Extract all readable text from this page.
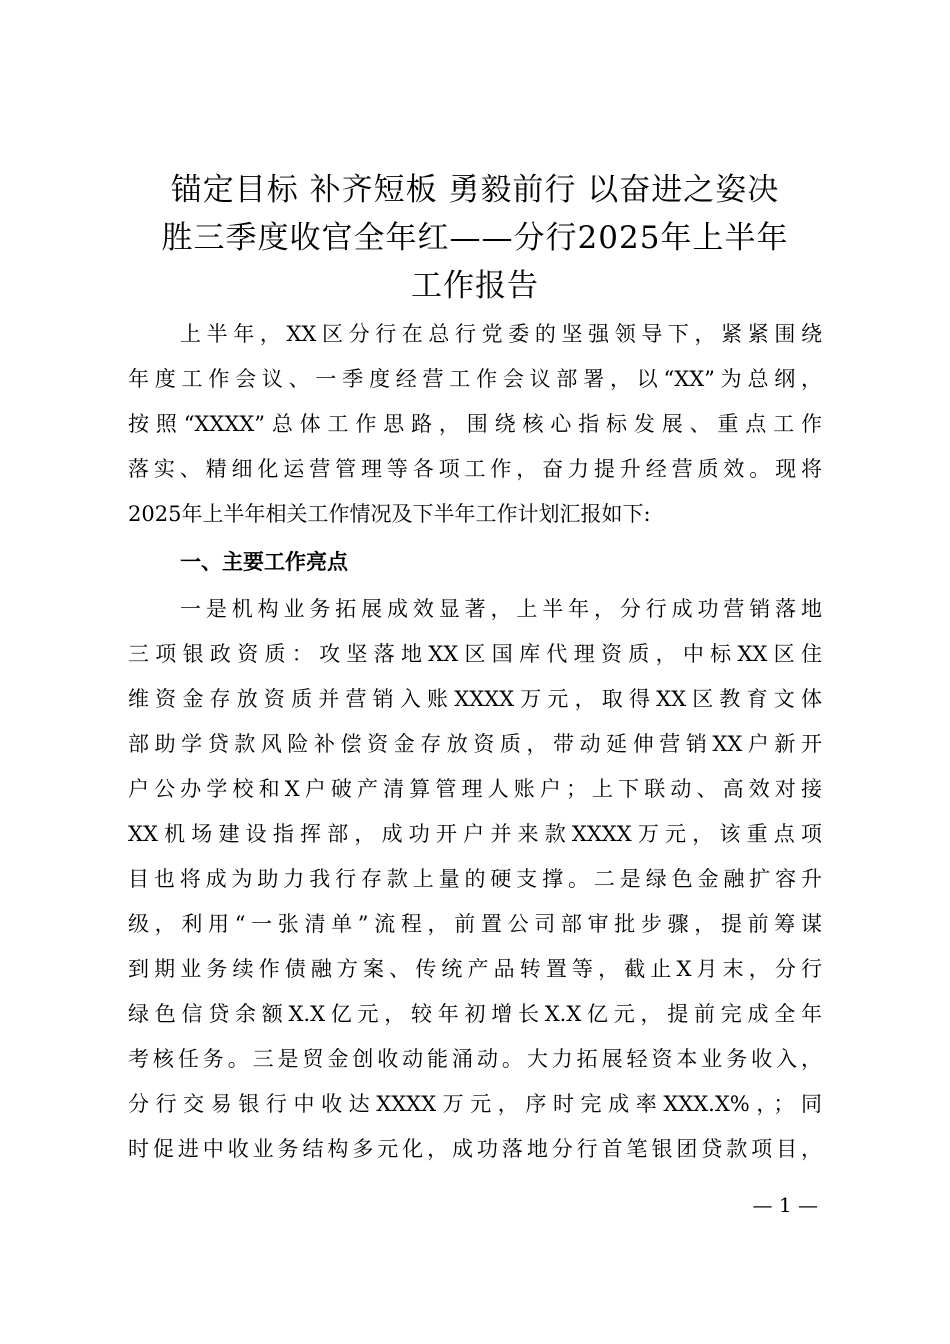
锚定目标 补齐短板 勇毅前行 以奋进之姿决
胜三季度收官全年红——分行2025年上半年
工作报告
上半年，XX区分行在总行党委的坚强领导下，紧紧围绕
年度工作会议、一季度经营工作会议部署，以“XX”为总纲，
按照“XXXX”总体工作思路，围绕核心指标发展、重点工作
落实、精细化运营管理等各项工作，奋力提升经营质效。现将
2025年上半年相关工作情况及下半年工作计划汇报如下:
一、主要工作亮点
一是机构业务拓展成效显著，上半年，分行成功营销落地
三项银政资质：攻坚落地XX区国库代理资质，中标XX区住
维资金存放资质并营销入账XXXX万元，取得XX区教育文体
部助学贷款风险补偿资金存放资质，带动延伸营销XX户新开
户公办学校和X户破产清算管理人账户；上下联动、高效对接
XX机场建设指挥部，成功开户并来款XXXX万元，该重点项
目也将成为助力我行存款上量的硬支撑。二是绿色金融扩容升
级，利用“一张清单”流程，前置公司部审批步骤，提前筹谋
到期业务续作债融方案、传统产品转置等，截止X月末，分行
绿色信贷余额X.X亿元，较年初增长X.X亿元，提前完成全年
考核任务。三是贸金创收动能涌动。大力拓展轻资本业务收入，
分行交易银行中收达XXXX万元，序时完成率XXX.X%，；同
时促进中收业务结构多元化，成功落地分行首笔银团贷款项目，
— 1 —
